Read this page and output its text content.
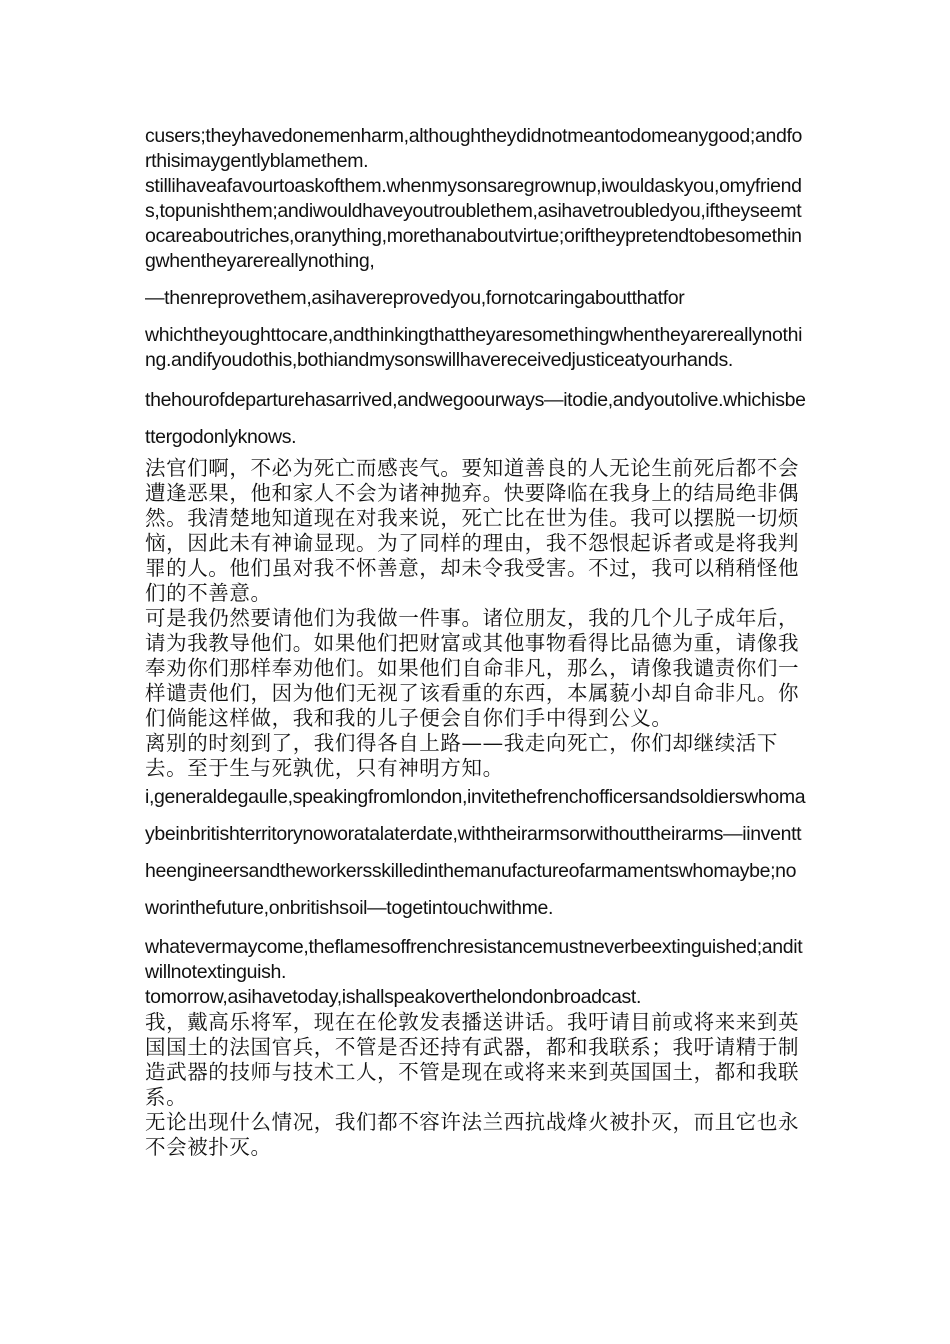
cusers;theyhavedonemenharm,althoughtheydidnotmeantodomeanygood;andforthisimaygentlyblamethem.

stillihaveafavourtoaskofthem.whenmysonsaregrownup,iwouldaskyou,omyfriends,topunishthem;andiwouldhaveyoutroublethem,asihavetroubledyou,iftheyseemtocareaboutriches,oranything,morethanaboutvirtue;oriftheypretendtobesomethingwhentheyarereallynothing,

—thenreprovethem,asihavereprovedyou,fornotcaringaboutthatfor

whichtheyoughttocare,andthinkingthattheyaresomethingwhentheyarereallynothing.andifyoudothis,bothiandmysonswillhavereceivedjusticeatyourhands.

thehourofdeparturehasarrived,andwegoourways—itodie,andyoutolive.whichisbettergodonlyknows.

法官们啊，不必为死亡而感丧气。要知道善良的人无论生前死后都不会遭逢恶果，他和家人不会为诸神抛弃。快要降临在我身上的结局绝非偶然。我清楚地知道现在对我来说，死亡比在世为佳。我可以摆脱一切烦恼，因此未有神谕显现。为了同样的理由，我不怨恨起诉者或是将我判罪的人。他们虽对我不怀善意，却未令我受害。不过，我可以稍稍怪他们的不善意。

可是我仍然要请他们为我做一件事。诸位朋友，我的几个儿子成年后，请为我教导他们。如果他们把财富或其他事物看得比品德为重，请像我奉劝你们那样奉劝他们。如果他们自命非凡，那么，请像我谴责你们一样谴责他们，因为他们无视了该看重的东西，本属藐小却自命非凡。你们倘能这样做，我和我的儿子便会自你们手中得到公义。

离别的时刻到了，我们得各自上路——我走向死亡，你们却继续活下去。至于生与死孰优，只有神明方知。

i,generaldegaulle,speakingfromlondon,invitethefrenchofficersandsoldierswhomaybeinbritishterritorynoworatalaterdate,withtheirarmsorwithouttheirarms—iinventtheengineersandtheworkersskilledinthemanufactureofarmamentswhomaybe;noworinthefuture,onbritishsoil—togetintouchwithme.

whatevermaycome,theflamesoffrenchresistancemustneverbeextinguished;anditwillnotextinguish.

tomorrow,asihavetoday,ishallspeakoverthelondonbroadcast.

我，戴高乐将军，现在在伦敦发表播送讲话。我吁请目前或将来来到英国国土的法国官兵，不管是否还持有武器，都和我联系；我吁请精于制造武器的技师与技术工人，不管是现在或将来来到英国国土，都和我联系。

无论出现什么情况，我们都不容许法兰西抗战烽火被扑灭，而且它也永不会被扑灭。
